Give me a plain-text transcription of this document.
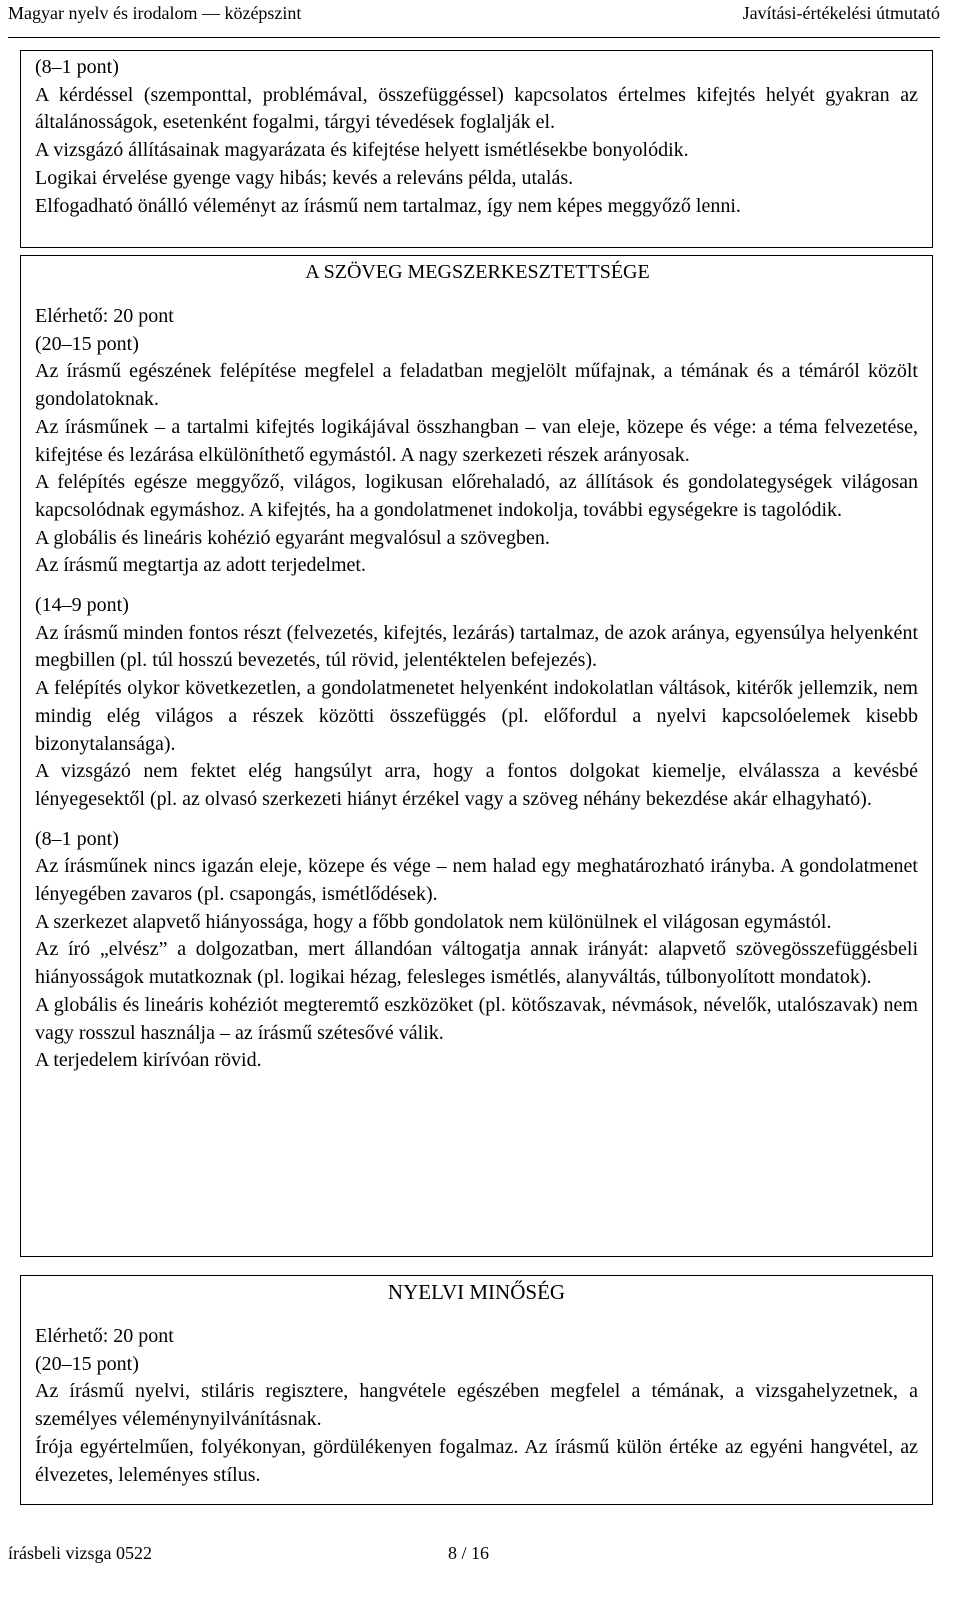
Magyar nyelv és irodalom — középszint	Javítási-értékelési útmutató

(8–1 pont)

A kérdéssel (szemponttal, problémával, összefüggéssel) kapcsolatos értelmes kifejtés helyét gyakran az általánosságok, esetenként fogalmi, tárgyi tévedések foglalják el.

A vizsgázó állításainak magyarázata és kifejtése helyett ismétlésekbe bonyolódik.

Logikai érvelése gyenge vagy hibás; kevés a releváns példa, utalás.

Elfogadható önálló véleményt az írásmű nem tartalmaz, így nem képes meggyőző lenni.

A SZÖVEG MEGSZERKESZTETTSÉGE

Elérhető: 20 pont

(20–15 pont)

Az írásmű egészének felépítése megfelel a feladatban megjelölt műfajnak, a témának és a témáról közölt gondolatoknak.

Az írásműnek – a tartalmi kifejtés logikájával összhangban – van eleje, közepe és vége: a téma felvezetése, kifejtése és lezárása elkülöníthető egymástól. A nagy szerkezeti részek arányosak.

A felépítés egésze meggyőző, világos, logikusan előrehaladó, az állítások és gondolategységek világosan kapcsolódnak egymáshoz. A kifejtés, ha a gondolatmenet indokolja, további egységekre is tagolódik.

A globális és lineáris kohézió egyaránt megvalósul a szövegben.

Az írásmű megtartja az adott terjedelmet.

(14–9 pont)

Az írásmű minden fontos részt (felvezetés, kifejtés, lezárás) tartalmaz, de azok aránya, egyensúlya helyenként megbillen (pl. túl hosszú bevezetés, túl rövid, jelentéktelen befejezés).

A felépítés olykor következetlen, a gondolatmenetet helyenként indokolatlan váltások, kitérők jellemzik, nem mindig elég világos a részek közötti összefüggés (pl. előfordul a nyelvi kapcsolóelemek kisebb bizonytalansága).

A vizsgázó nem fektet elég hangsúlyt arra, hogy a fontos dolgokat kiemelje, elválassza a kevésbé lényegesektől (pl. az olvasó szerkezeti hiányt érzékel vagy a szöveg néhány bekezdése akár elhagyható).

(8–1 pont)

Az írásműnek nincs igazán eleje, közepe és vége – nem halad egy meghatározható irányba. A gondolatmenet lényegében zavaros (pl. csapongás, ismétlődések).

A szerkezet alapvető hiányossága, hogy a főbb gondolatok nem különülnek el világosan egymástól.

Az író „elvész” a dolgozatban, mert állandóan váltogatja annak irányát: alapvető szövegösszefüggésbeli hiányosságok mutatkoznak (pl. logikai hézag, felesleges ismétlés, alanyváltás, túlbonyolított mondatok).

A globális és lineáris kohéziót megteremtő eszközöket (pl. kötőszavak, névmások, névelők, utalószavak) nem vagy rosszul használja – az írásmű szétesővé válik.

A terjedelem kirívóan rövid.

NYELVI MINŐSÉG

Elérhető: 20 pont

(20–15 pont)

Az írásmű nyelvi, stiláris regisztere, hangvétele egészében megfelel a témának, a vizsgahelyzetnek, a személyes véleménynyilvánításnak.

Írója egyértelműen, folyékonyan, gördülékenyen fogalmaz. Az írásmű külön értéke az egyéni hangvétel, az élvezetes, leleményes stílus.

írásbeli vizsga 0522	8 / 16
